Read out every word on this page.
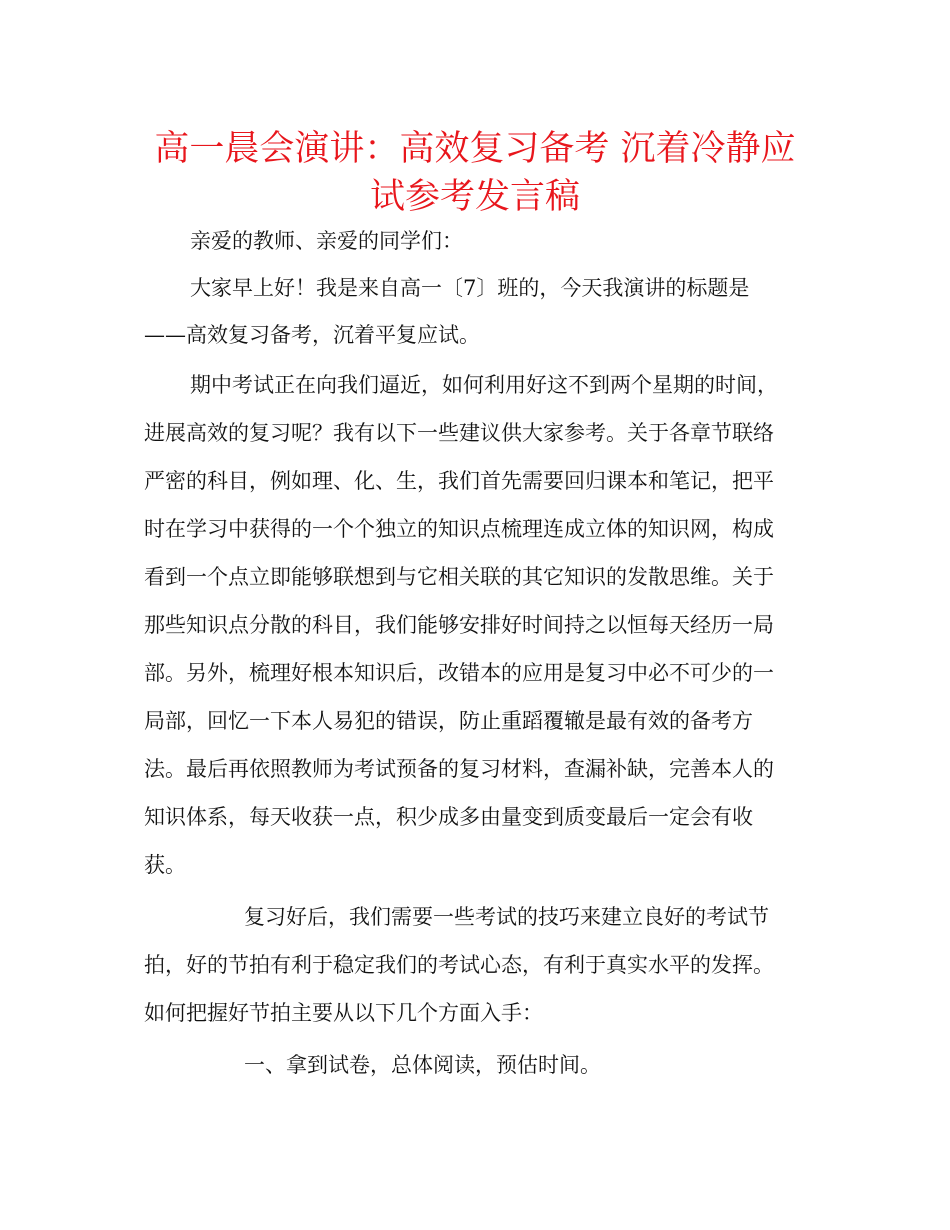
高一晨会演讲：高效复习备考 沉着冷静应
试参考发言稿
亲爱的教师、亲爱的同学们：
大家早上好！我是来自高一〔7〕班的，今天我演讲的标题是
——高效复习备考，沉着平复应试。
期中考试正在向我们逼近，如何利用好这不到两个星期的时间，
进展高效的复习呢？我有以下一些建议供大家参考。关于各章节联络
严密的科目，例如理、化、生，我们首先需要回归课本和笔记，把平
时在学习中获得的一个个独立的知识点梳理连成立体的知识网，构成
看到一个点立即能够联想到与它相关联的其它知识的发散思维。关于
那些知识点分散的科目，我们能够安排好时间持之以恒每天经历一局
部。另外，梳理好根本知识后，改错本的应用是复习中必不可少的一
局部，回忆一下本人易犯的错误，防止重蹈覆辙是最有效的备考方
法。最后再依照教师为考试预备的复习材料，查漏补缺，完善本人的
知识体系，每天收获一点，积少成多由量变到质变最后一定会有收
获。
复习好后，我们需要一些考试的技巧来建立良好的考试节
拍，好的节拍有利于稳定我们的考试心态，有利于真实水平的发挥。
如何把握好节拍主要从以下几个方面入手：
一、拿到试卷，总体阅读，预估时间。
